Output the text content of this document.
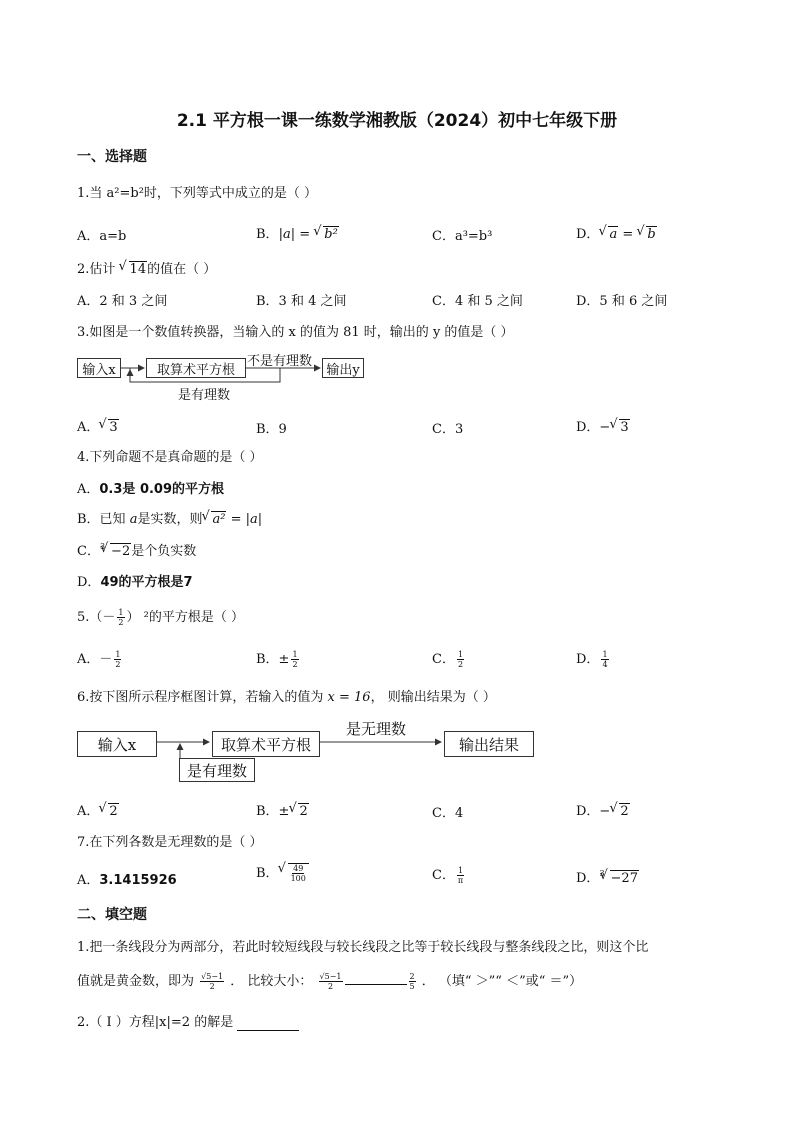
2.1 平方根一课一练数学湘教版（2024）初中七年级下册
一、选择题
1.当 a²=b²时，下列等式中成立的是（ ）
A．a=b	B．|a| = √ b²	C．a³=b³	D． √ a = √ b
2.估计 √ 14的值在（ ）
A．2 和 3 之间	B．3 和 4 之间	C．4 和 5 之间	D．5 和 6 之间
3.如图是一个数值转换器，当输入的 x 的值为 81 时，输出的 y 的值是（ ）
输入x	取算术平方根
不是有理数
输出y
是有理数
A． √ 3	B．9	C．3	D．− √ 3
4.下列命题不是真命题的是（ ）
A．0.3是 0.09的平方根
B．已知 a是实数，则 √ a² = |a|
C．$^3$ √ −2是个负实数
D．49的平方根是7
$5.(- \frac{1}{2}$ ） ²的平方根是（ ）
A．－ $\frac{1}{2}$	B．± $\frac{1}{2}$	C． $\frac{1}{2}$	D． $\frac{1}{4}$
6.按下图所示程序框图计算，若输入的值为 x = 16， 则输出结果为（ ）
输入x	取算术平方根
是无理数
输出结果
是有理数
A． √ 2	B．± √ 2	C．4	D．− √ 2
7.在下列各数是无理数的是（ ）
A．3.1415926	B． √ $\frac{49}{100}$	C． $\frac{1}{\pi}$	D．$^3$ √ −27
二、填空题
1.把一条线段分为两部分，若此时较短线段与较长线段之比等于较长线段与整条线段之比，则这个比
值就是黄金数，即为 $\frac{√5-1}{2}$ ． 比较大小： $\frac{√5-1}{2}$	$\frac{2}{5}$ ． （填“ ＞”“ ＜”或“ ＝”）
2.（ I ）方程|x|=2 的解是
